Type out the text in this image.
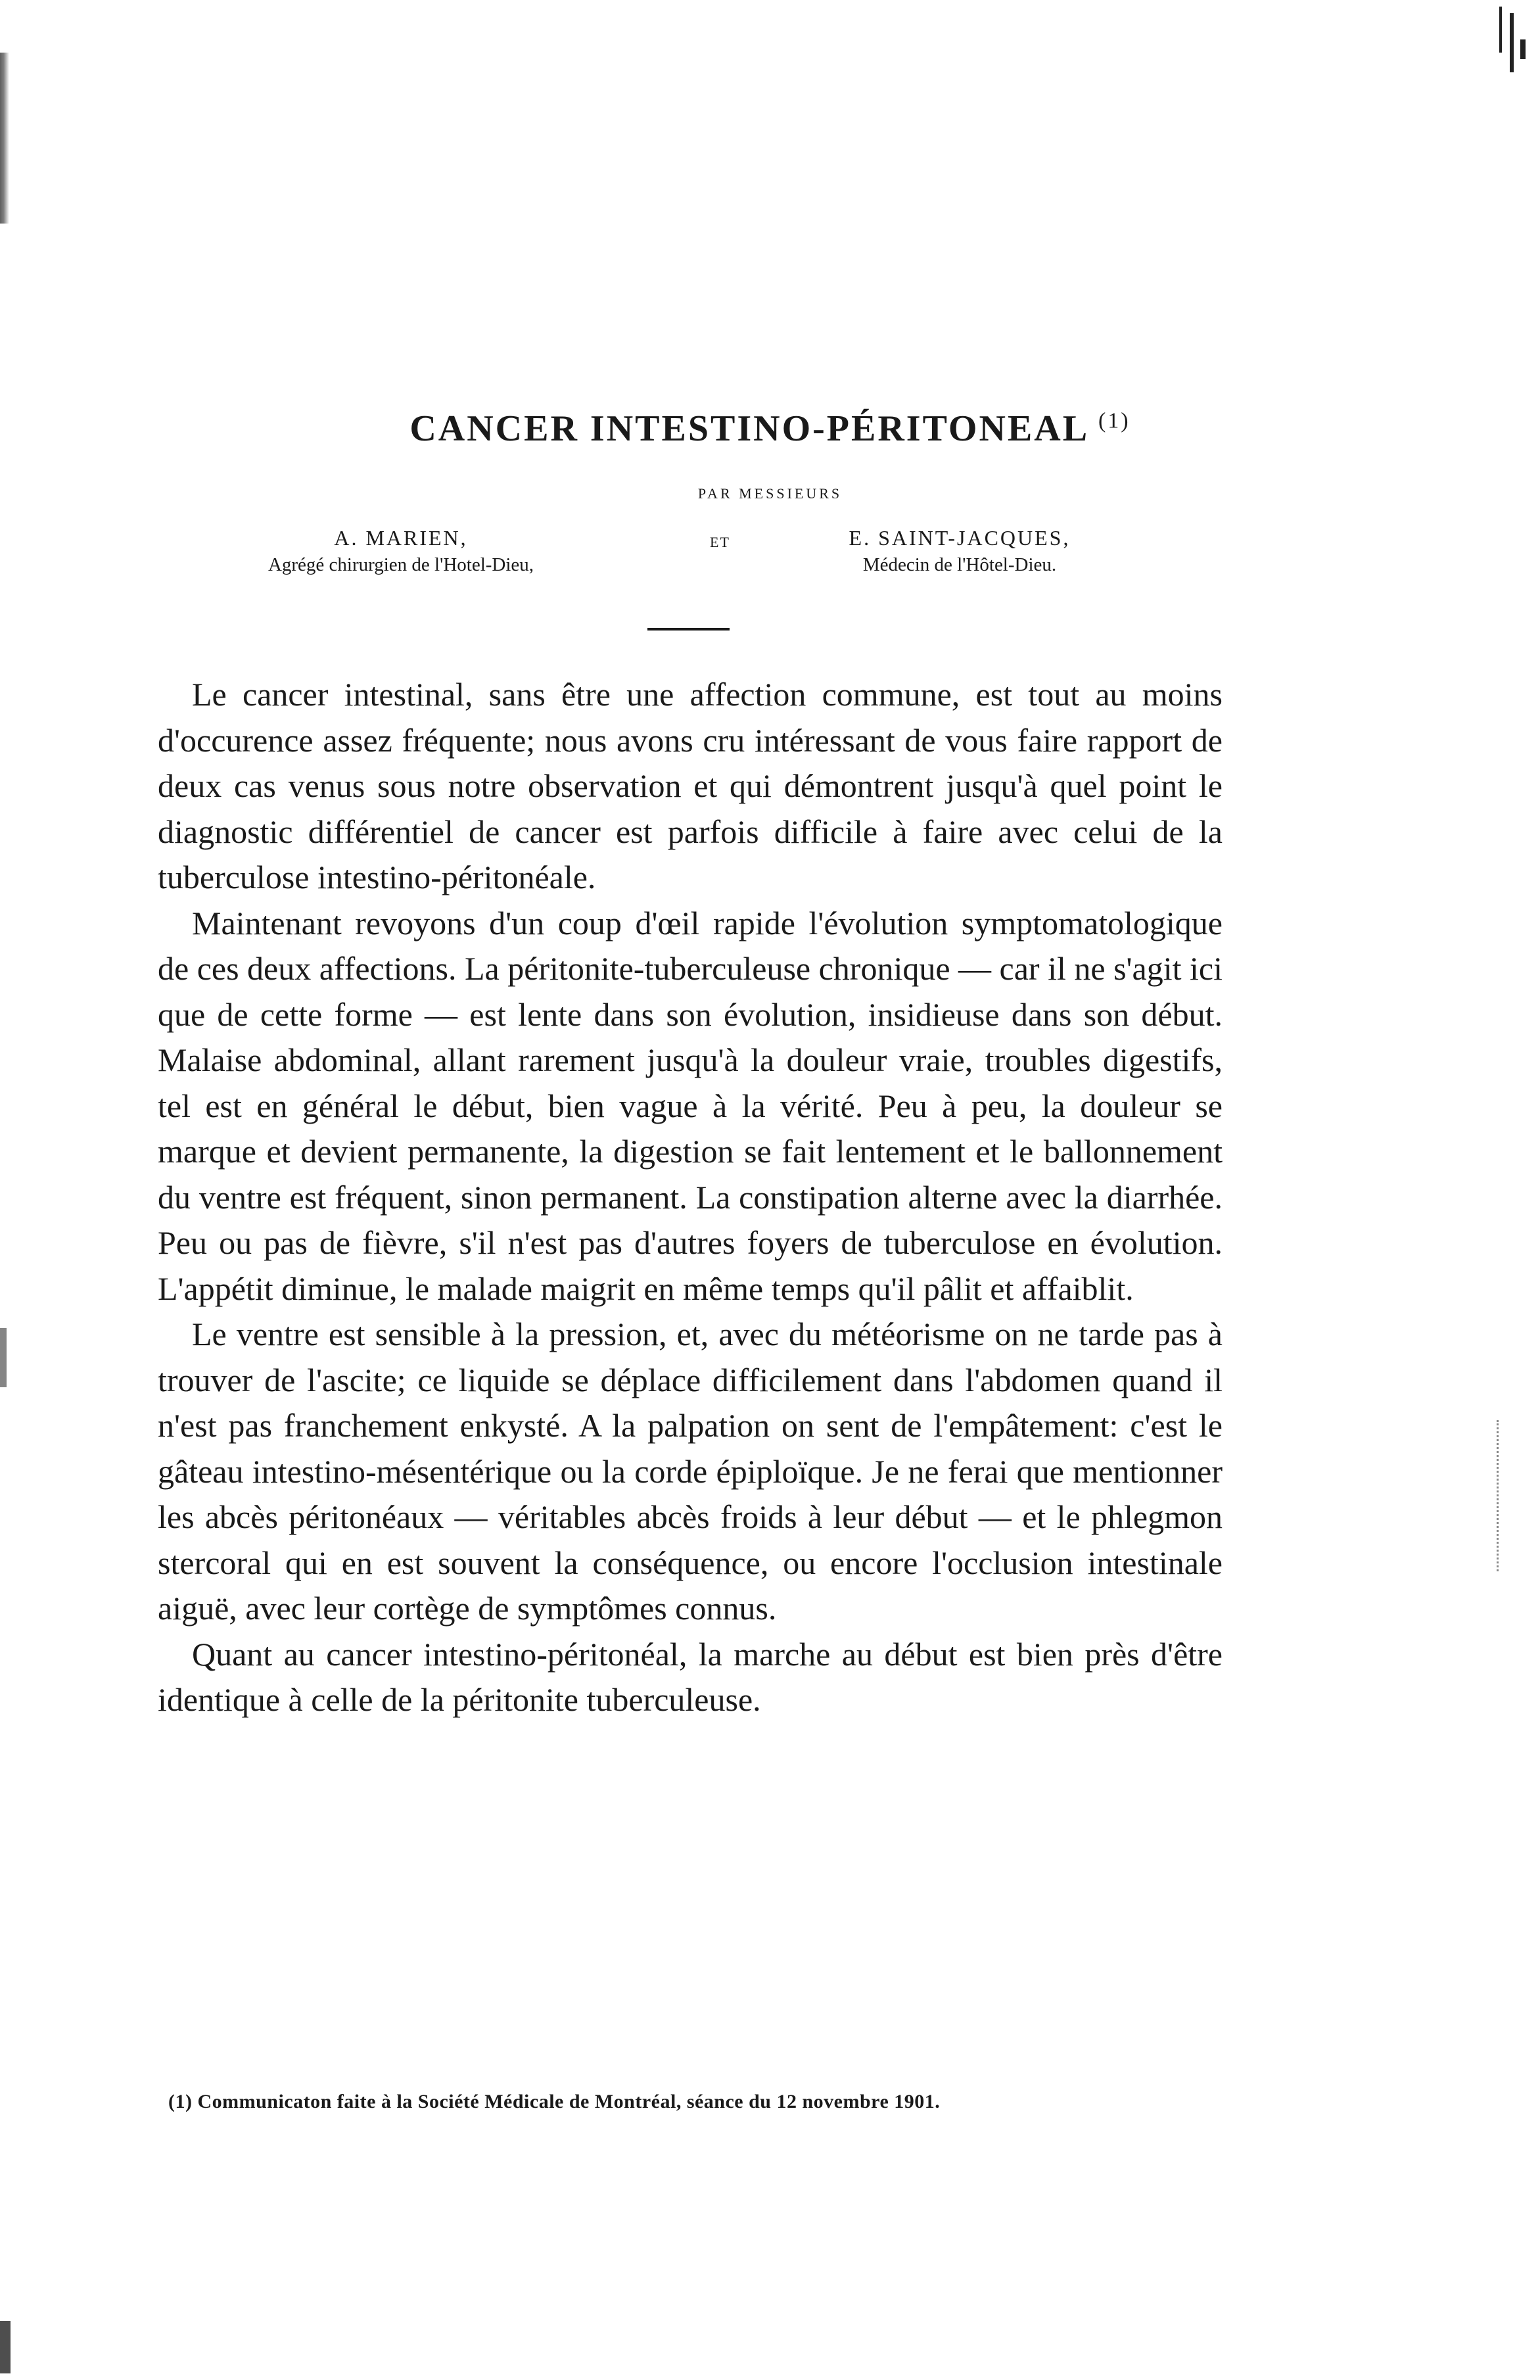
CANCER INTESTINO-PÉRITONEAL $^{(1)}$
PAR MESSIEURS
A. MARIEN,
Agrégé chirurgien de l'Hotel-Dieu,
ET	E. SAINT-JACQUES,
Médecin de l'Hôtel-Dieu.

Le cancer intestinal, sans être une affection commune, est tout au moins d'occurence assez fréquente; nous avons cru intéressant de vous faire rapport de deux cas venus sous notre observation et qui démontrent jusqu'à quel point le diagnostic différentiel de cancer est parfois difficile à faire avec celui de la tuberculose intestino-péritonéale.

Maintenant revoyons d'un coup d'œil rapide l'évolution symptomatologique de ces deux affections. La péritonite-tuberculeuse chronique — car il ne s'agit ici que de cette forme — est lente dans son évolution, insidieuse dans son début. Malaise abdominal, allant rarement jusqu'à la douleur vraie, troubles digestifs, tel est en général le début, bien vague à la vérité. Peu à peu, la douleur se marque et devient permanente, la digestion se fait lentement et le ballonnement du ventre est fréquent, sinon permanent. La constipation alterne avec la diarrhée. Peu ou pas de fièvre, s'il n'est pas d'autres foyers de tuberculose en évolution. L'appétit diminue, le malade maigrit en même temps qu'il pâlit et affaiblit.

Le ventre est sensible à la pression, et, avec du météorisme on ne tarde pas à trouver de l'ascite; ce liquide se déplace difficilement dans l'abdomen quand il n'est pas franchement enkysté. A la palpation on sent de l'empâtement: c'est le gâteau intestino-mésentérique ou la corde épiploïque. Je ne ferai que mentionner les abcès péritonéaux — véritables abcès froids à leur début — et le phlegmon stercoral qui en est souvent la conséquence, ou encore l'occlusion intestinale aiguë, avec leur cortège de symptômes connus.

Quant au cancer intestino-péritonéal, la marche au début est bien près d'être identique à celle de la péritonite tuberculeuse.

(1) Communicaton faite à la Société Médicale de Montréal, séance du 12 novembre 1901.
